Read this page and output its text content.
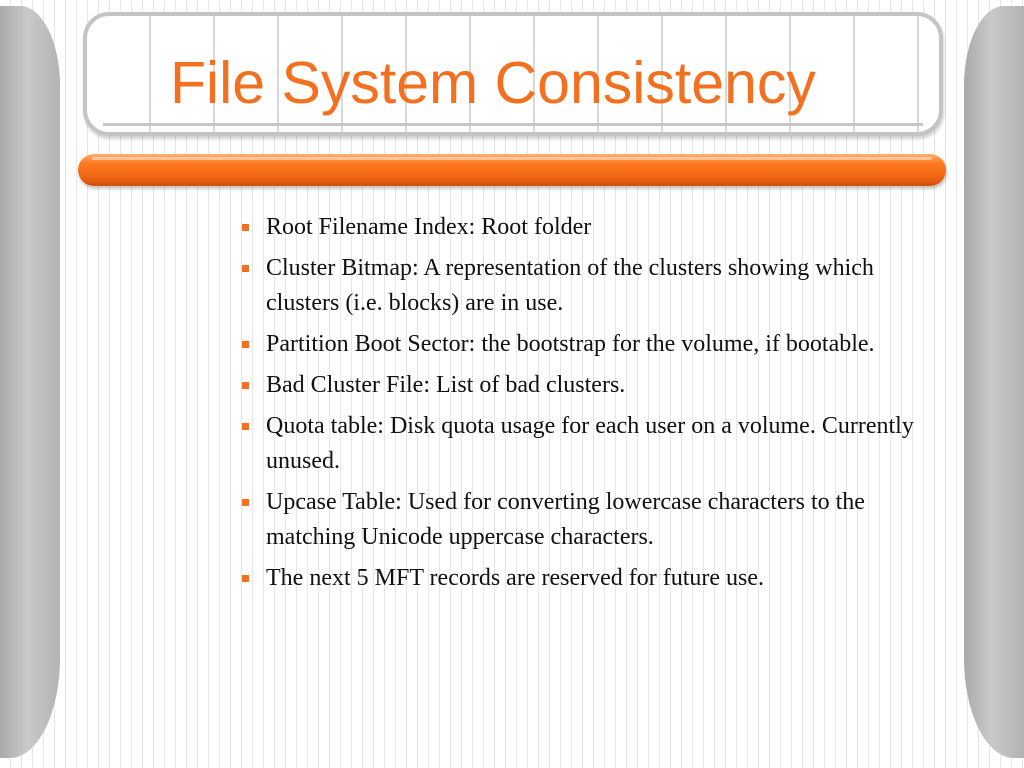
File System Consistency
Root Filename Index: Root folder
Cluster Bitmap: A representation of the clusters showing which clusters (i.e. blocks) are in use.
Partition Boot Sector: the bootstrap for the volume, if bootable.
Bad Cluster File: List of bad clusters.
Quota table: Disk quota usage for each user on a volume. Currently unused.
Upcase Table: Used for converting lowercase characters to the matching Unicode uppercase characters.
The next 5 MFT records are reserved for future use.
